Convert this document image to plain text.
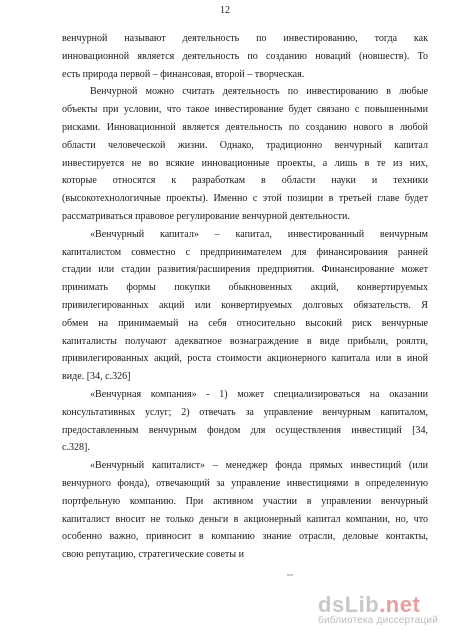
12

венчурной называют деятельность по инвестированию, тогда как

инновационной является деятельность по созданию новаций (новшеств). То

есть природа первой – финансовая, второй – творческая.

Венчурной можно считать деятельность по инвестированию в любые

объекты при условии, что такое инвестирование будет связано с повышенными

рисками. Инновационной является деятельность по созданию нового в любой

области человеческой жизни. Однако, традиционно венчурный капитал

инвестируется не во всякие инновационные проекты, а лишь в те из них,

которые относятся к разработкам в области науки и техники

(высокотехнологичные проекты). Именно с этой позиции в третьей главе будет

рассматриваться правовое регулирование венчурной деятельности.

«Венчурный капитал» – капитал, инвестированный венчурным

капиталистом совместно с предпринимателем для финансирования ранней

стадии или стадии развития/расширения предприятия. Финансирование может

принимать формы покупки обыкновенных акций, конвертируемых

привилегированных акций или конвертируемых долговых обязательств. Я

обмен на принимаемый на себя относительно высокий риск венчурные

капиталисты получают адекватное вознаграждение в виде прибыли, роялти,

привилегированных акций, роста стоимости акционерного капитала или в иной

виде. [34, с.326]

«Венчурная компания» - 1) может специализироваться на оказании

консультативных услуг; 2) отвечать за управление венчурным капиталом,

предоставленным венчурным фондом для осуществления инвестиций [34,

с.328].

«Венчурный капиталист» – менеджер фонда прямых инвестиций (или

венчурного фонда), отвечающий за управление инвестициями в определенную

портфельную компанию. При активном участии в управлении венчурный

капиталист вносит не только деньги в акционерный капитал компании, но, что

особенно важно, привносит в компанию знание отрасли, деловые контакты,

свою репутацию, стратегические советы и

dsLib.net
библиотека диссертаций
